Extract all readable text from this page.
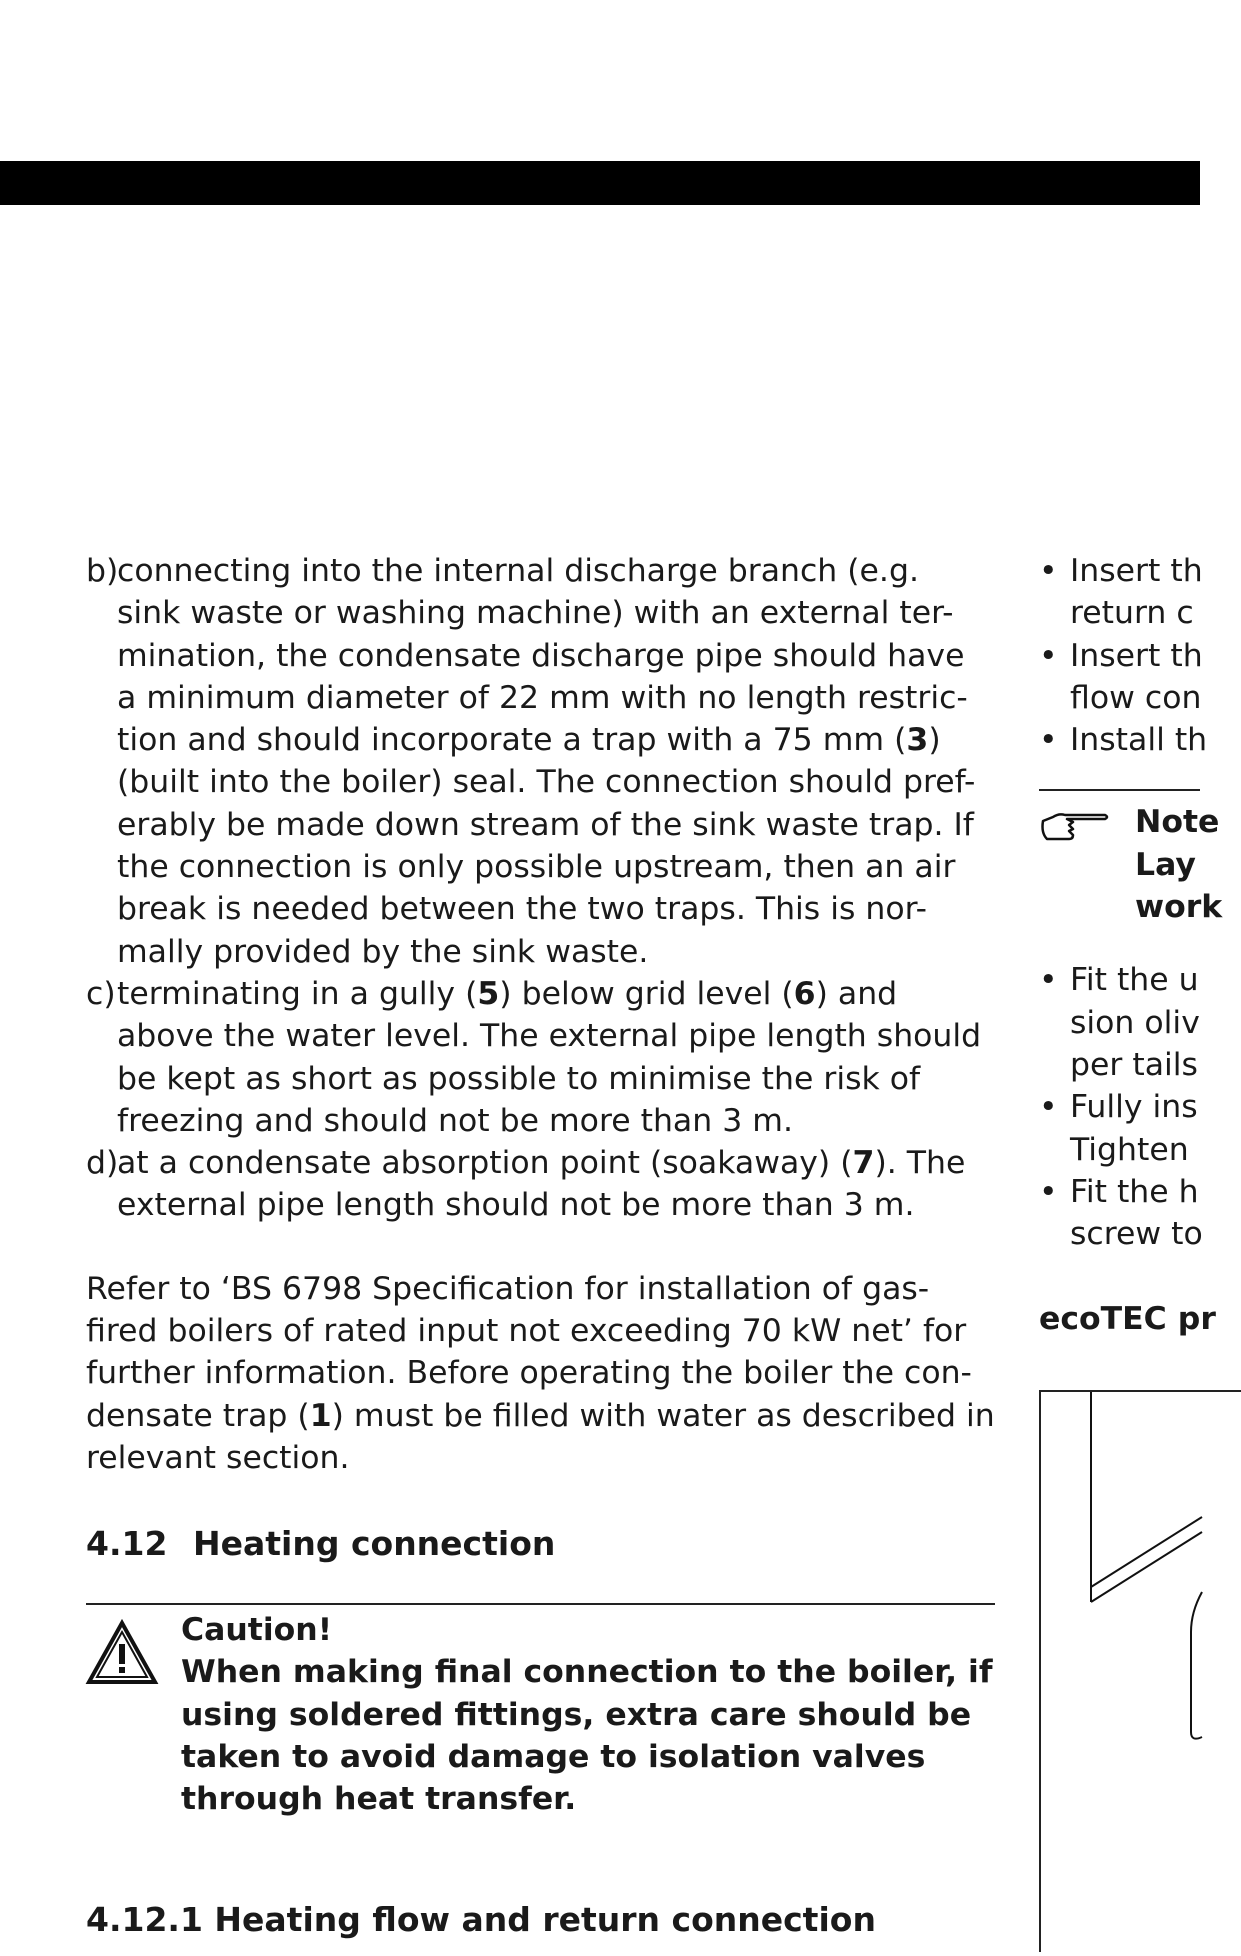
b)
connecting into the internal discharge branch (e.g.
sink waste or washing machine) with an external ter-
mination, the condensate discharge pipe should have
a minimum diameter of 22 mm with no length restric-
tion and should incorporate a trap with a 75 mm (3)
(built into the boiler) seal. The connection should pref-
erably be made down stream of the sink waste trap. If
the connection is only possible upstream, then an air
break is needed between the two traps. This is nor-
mally provided by the sink waste.
c) terminating in a gully (5) below grid level (6) and
above the water level. The external pipe length should
be kept as short as possible to minimise the risk of
freezing and should not be more than 3 m.
d)
at a condensate absorption point (soakaway) (7). The
external pipe length should not be more than 3 m.
Refer to ‘BS 6798 Specification for installation of gas-
fired boilers of rated input not exceeding 70 kW net’ for
further information. Before operating the boiler the con-
densate trap (1) must be filled with water as described in
relevant section.
4.12 Heating connection
Caution!
When making final connection to the boiler, if
using soldered fittings, extra care should be
taken to avoid damage to isolation valves
through heat transfer.
4.12.1 Heating flow and return connection
• Insert th
return c
• Insert th
flow con
• Install th
Note
Lay
work
• Fit the u
sion oliv
per tails
• Fully ins
Tighten
• Fit the h
screw to
ecoTEC pr
